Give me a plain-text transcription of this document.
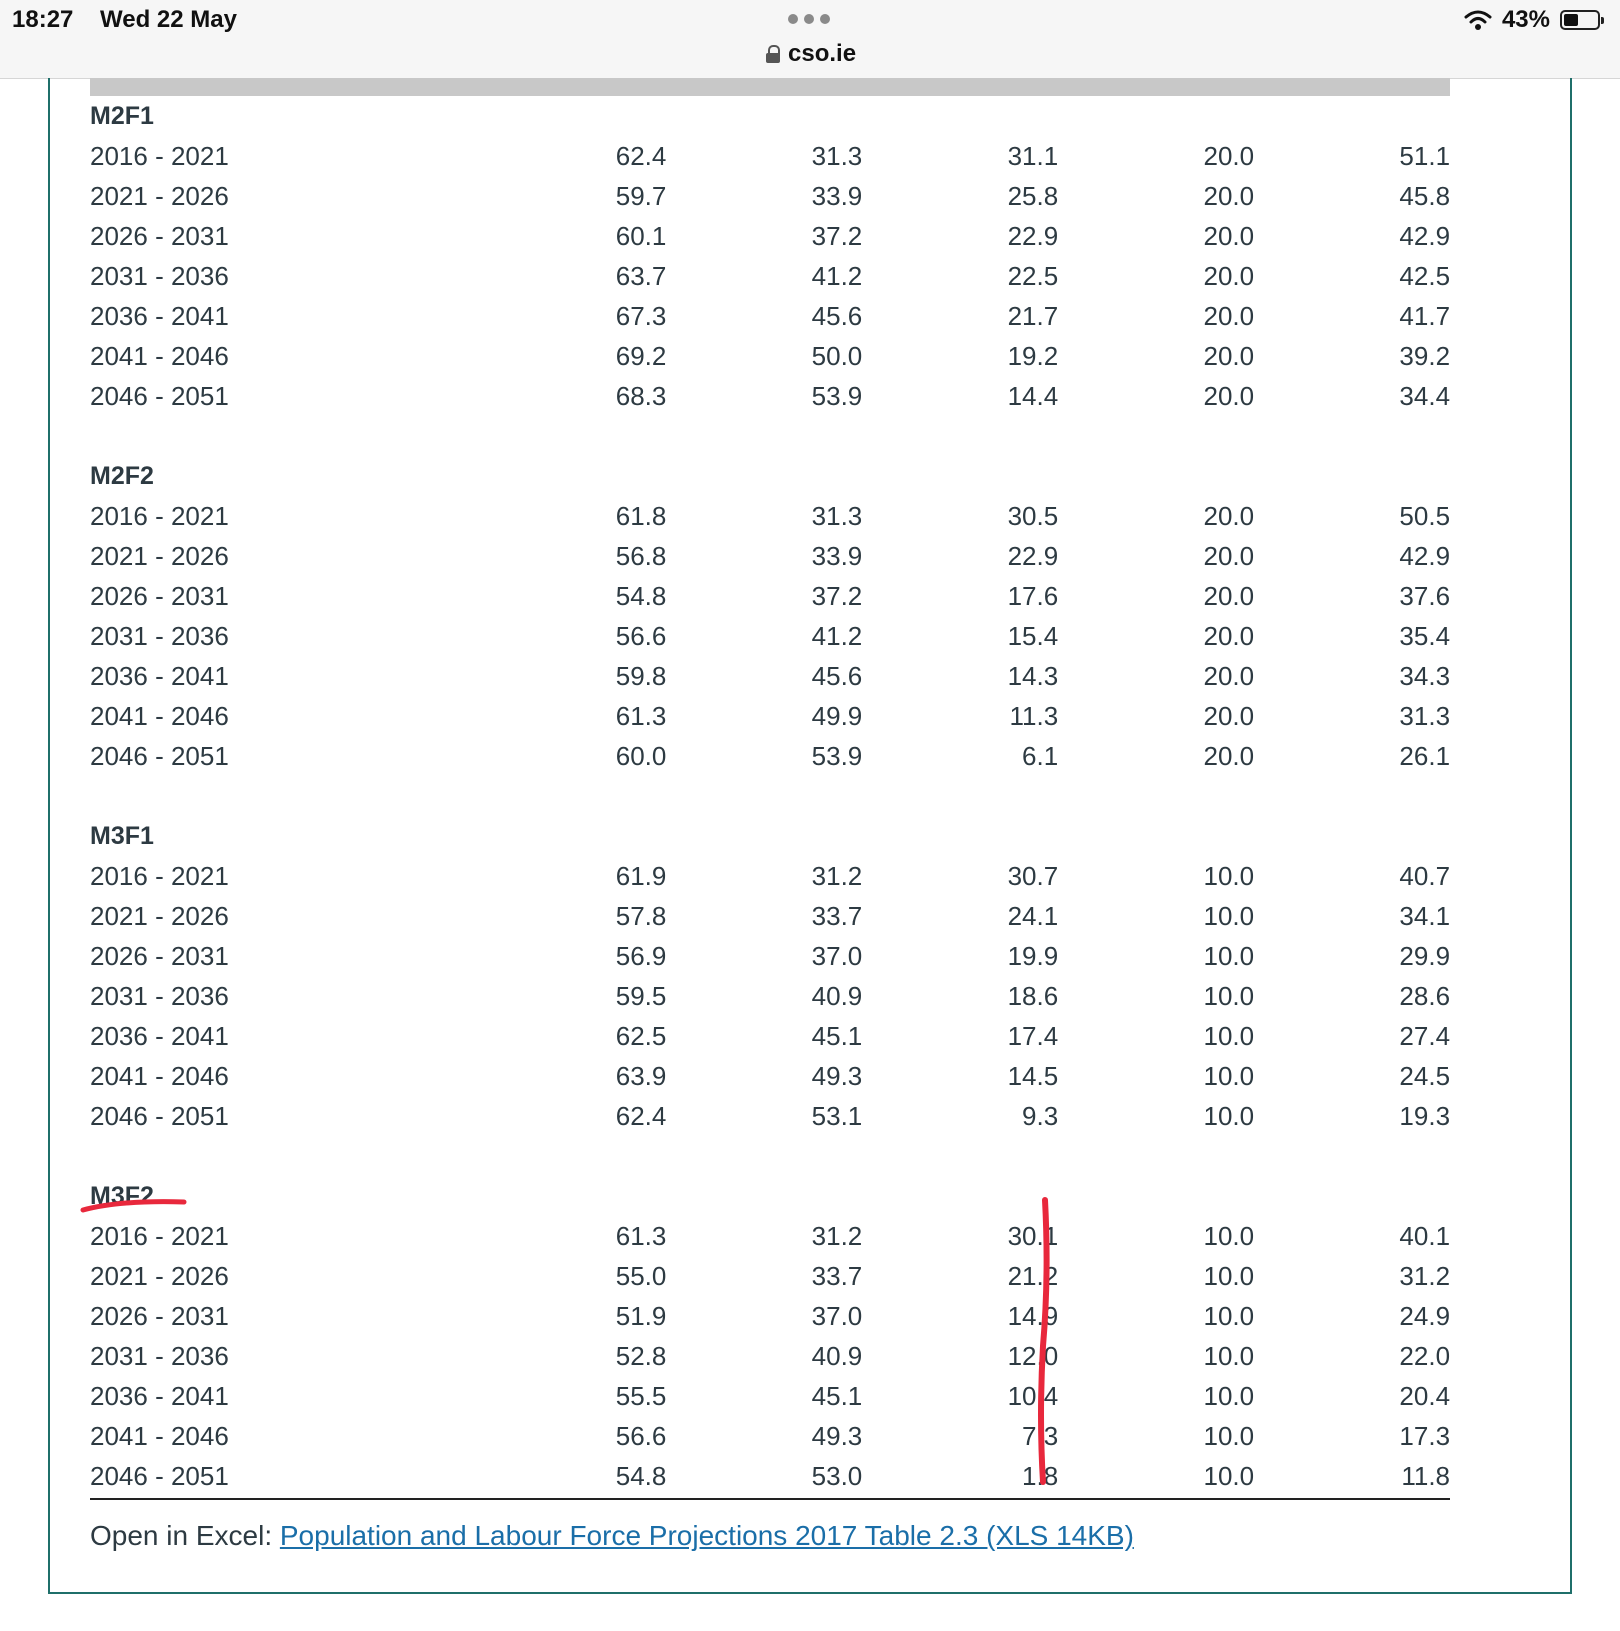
18:27 Wed 22 May
cso.ie
43%
M2F1
2016 - 2021	62.4	31.3	31.1	20.0	51.1
2021 - 2026	59.7	33.9	25.8	20.0	45.8
2026 - 2031	60.1	37.2	22.9	20.0	42.9
2031 - 2036	63.7	41.2	22.5	20.0	42.5
2036 - 2041	67.3	45.6	21.7	20.0	41.7
2041 - 2046	69.2	50.0	19.2	20.0	39.2
2046 - 2051	68.3	53.9	14.4	20.0	34.4
M2F2
2016 - 2021	61.8	31.3	30.5	20.0	50.5
2021 - 2026	56.8	33.9	22.9	20.0	42.9
2026 - 2031	54.8	37.2	17.6	20.0	37.6
2031 - 2036	56.6	41.2	15.4	20.0	35.4
2036 - 2041	59.8	45.6	14.3	20.0	34.3
2041 - 2046	61.3	49.9	11.3	20.0	31.3
2046 - 2051	60.0	53.9	6.1	20.0	26.1
M3F1
2016 - 2021	61.9	31.2	30.7	10.0	40.7
2021 - 2026	57.8	33.7	24.1	10.0	34.1
2026 - 2031	56.9	37.0	19.9	10.0	29.9
2031 - 2036	59.5	40.9	18.6	10.0	28.6
2036 - 2041	62.5	45.1	17.4	10.0	27.4
2041 - 2046	63.9	49.3	14.5	10.0	24.5
2046 - 2051	62.4	53.1	9.3	10.0	19.3
M3F2
2016 - 2021	61.3	31.2	30.1	10.0	40.1
2021 - 2026	55.0	33.7	21.2	10.0	31.2
2026 - 2031	51.9	37.0	14.9	10.0	24.9
2031 - 2036	52.8	40.9	12.0	10.0	22.0
2036 - 2041	55.5	45.1	10.4	10.0	20.4
2041 - 2046	56.6	49.3	7.3	10.0	17.3
2046 - 2051	54.8	53.0	1.8	10.0	11.8
Open in Excel: Population and Labour Force Projections 2017 Table 2.3 (XLS 14KB)
